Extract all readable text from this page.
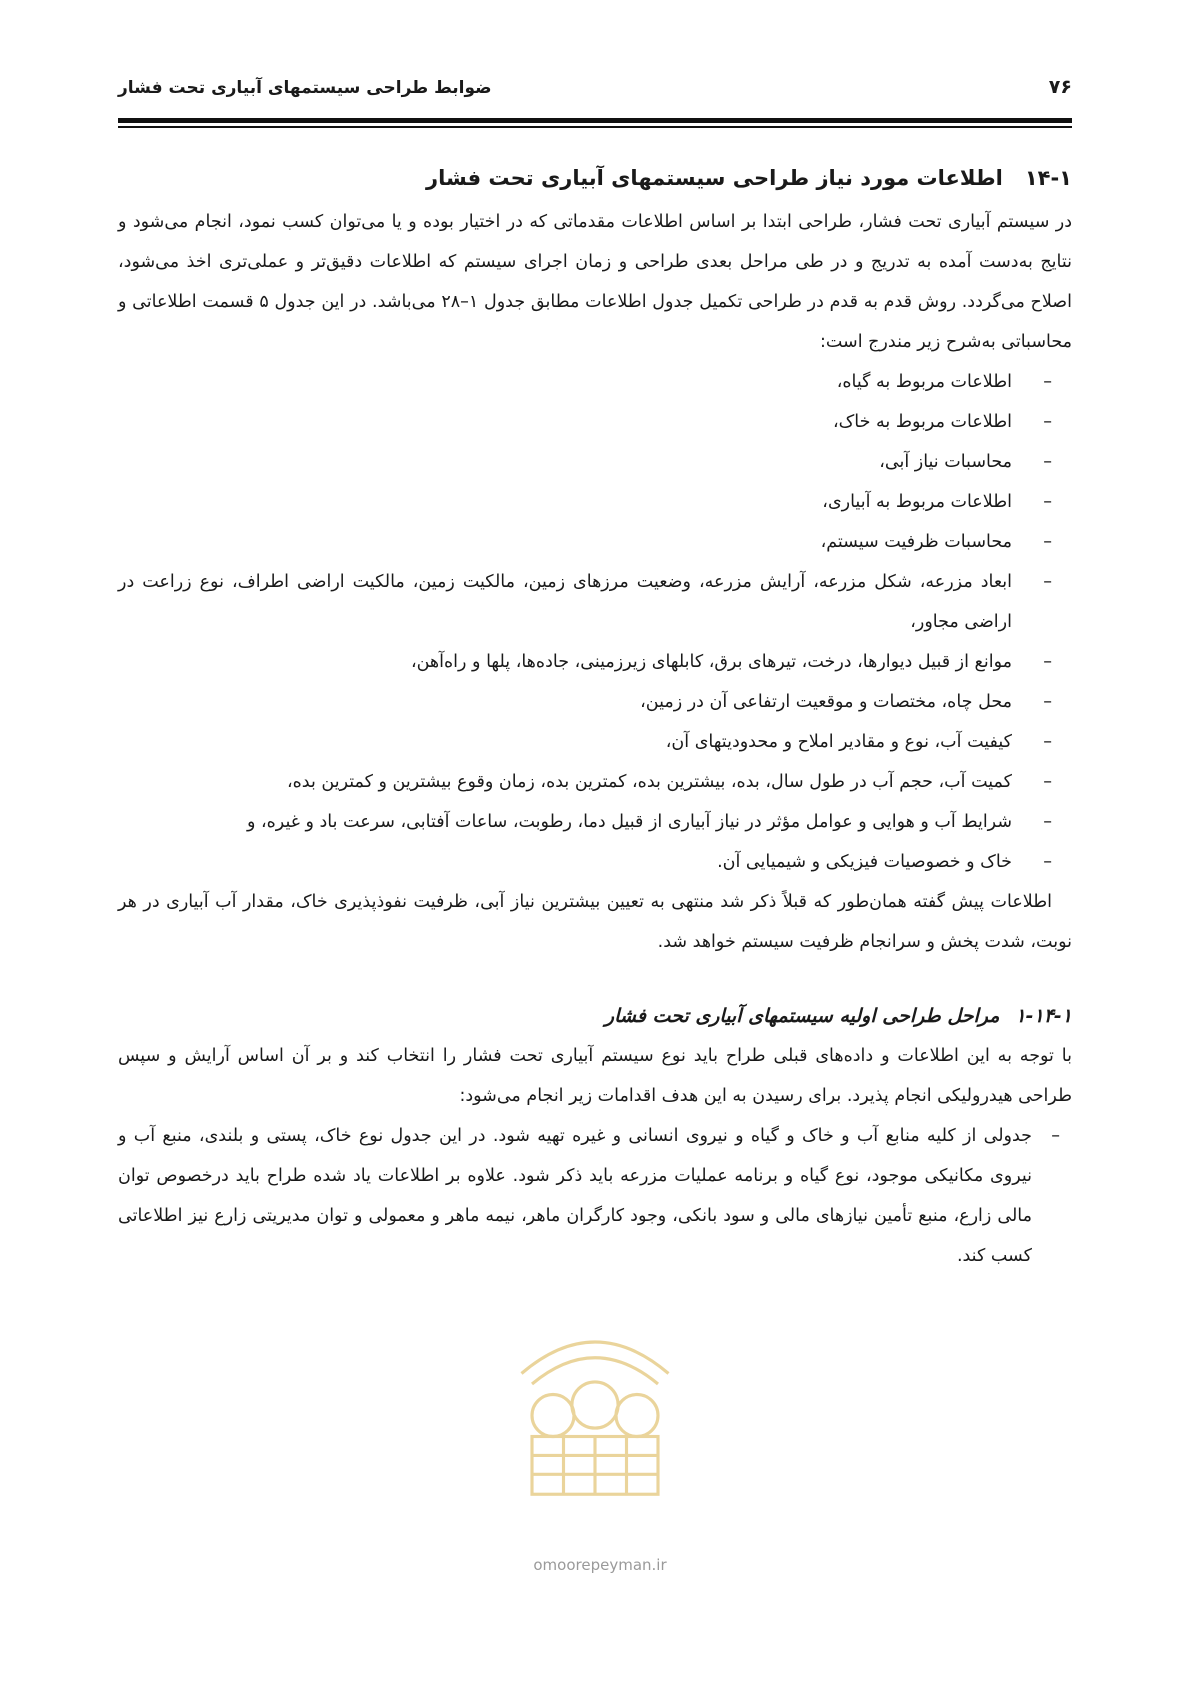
ضوابط طراحی سیستمهای آبیاری تحت فشار	۷۶
۱۴-۱اطلاعات مورد نیاز طراحی سیستمهای آبیاری تحت فشار

در سیستم آبیاری تحت فشار، طراحی ابتدا بر اساس اطلاعات مقدماتی که در اختیار بوده و یا می‌توان کسب نمود، انجام می‌شود و نتایج به‌دست آمده به تدریج و در طی مراحل بعدی طراحی و زمان اجرای سیستم که اطلاعات دقیق‌تر و عملی‌تری اخذ می‌شود، اصلاح می‌گردد. روش قدم به قدم در طراحی تکمیل جدول اطلاعات مطابق جدول ۱–۲۸ می‌باشد. در این جدول ۵ قسمت اطلاعاتی و محاسباتی به‌شرح زیر مندرج است:

– اطلاعات مربوط به گیاه،
– اطلاعات مربوط به خاک،
– محاسبات نیاز آبی،
– اطلاعات مربوط به آبیاری،
– محاسبات ظرفیت سیستم،
– ابعاد مزرعه، شکل مزرعه، آرایش مزرعه، وضعیت مرزهای زمین، مالکیت زمین، مالکیت اراضی اطراف، نوع زراعت در اراضی مجاور،
– موانع از قبیل دیوارها، درخت، تیرهای برق، کابلهای زیرزمینی، جاده‌ها، پلها و راه‌آهن،
– محل چاه، مختصات و موقعیت ارتفاعی آن در زمین،
– کیفیت آب، نوع و مقادیر املاح و محدودیتهای آن،
– کمیت آب، حجم آب در طول سال، بده، بیشترین بده، کمترین بده، زمان وقوع بیشترین و کمترین بده،
– شرایط آب و هوایی و عوامل مؤثر در نیاز آبیاری از قبیل دما، رطوبت، ساعات آفتابی، سرعت باد و غیره، و
– خاک و خصوصیات فیزیکی و شیمیایی آن.

اطلاعات پیش گفته همان‌طور که قبلاً ذکر شد منتهی به تعیین بیشترین نیاز آبی، ظرفیت نفوذپذیری خاک، مقدار آب آبیاری در هر نوبت، شدت پخش و سرانجام ظرفیت سیستم خواهد شد.

۱-۱۴-۱مراحل طراحی اولیه سیستمهای آبیاری تحت فشار

با توجه به این اطلاعات و داده‌های قبلی طراح باید نوع سیستم آبیاری تحت فشار را انتخاب کند و بر آن اساس آرایش و سپس طراحی هیدرولیکی انجام پذیرد. برای رسیدن به این هدف اقدامات زیر انجام می‌شود:

– جدولی از کلیه منابع آب و خاک و گیاه و نیروی انسانی و غیره تهیه شود. در این جدول نوع خاک، پستی و بلندی، منبع آب و نیروی مکانیکی موجود، نوع گیاه و برنامه عملیات مزرعه باید ذکر شود. علاوه بر اطلاعات یاد شده طراح باید درخصوص توان مالی زارع، منبع تأمین نیازهای مالی و سود بانکی، وجود کارگران ماهر، نیمه ماهر و معمولی و توان مدیریتی زارع نیز اطلاعاتی کسب کند.
omoorepeyman.ir
